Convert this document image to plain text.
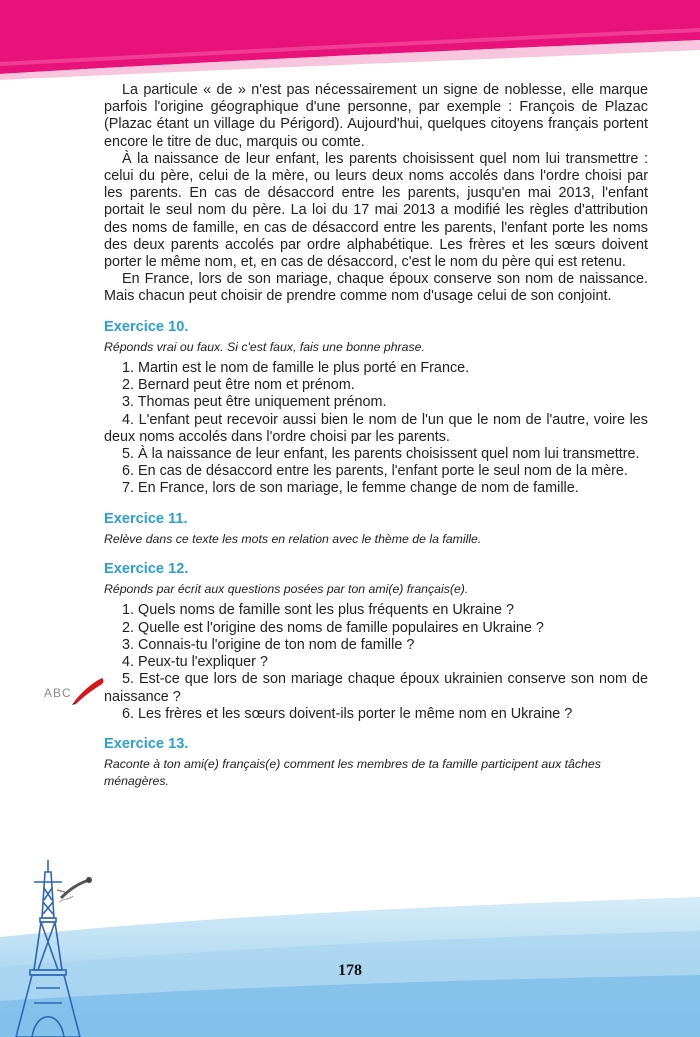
ABC

La particule « de » n'est pas nécessairement un signe de noblesse, elle marque parfois l'origine géographique d'une personne, par exemple : François de Plazac (Plazac étant un village du Périgord). Aujourd'hui, quelques citoyens français portent encore le titre de duc, marquis ou comte.

À la naissance de leur enfant, les parents choisissent quel nom lui transmettre : celui du père, celui de la mère, ou leurs deux noms accolés dans l'ordre choisi par les parents. En cas de désaccord entre les parents, jusqu'en mai 2013, l'enfant portait le seul nom du père. La loi du 17 mai 2013 a modifié les règles d'attribution des noms de famille, en cas de désaccord entre les parents, l'enfant porte les noms des deux parents accolés par ordre alphabétique. Les frères et les sœurs doivent porter le même nom, et, en cas de désaccord, c'est le nom du père qui est retenu.

En France, lors de son mariage, chaque époux conserve son nom de naissance. Mais chacun peut choisir de prendre comme nom d'usage celui de son conjoint.

Exercice 10.
Réponds vrai ou faux. Si c'est faux, fais une bonne phrase.

1. Martin est le nom de famille le plus porté en France.

2. Bernard peut être nom et prénom.

3. Thomas peut être uniquement prénom.

4. L'enfant peut recevoir aussi bien le nom de l'un que le nom de l'autre, voire les deux noms accolés dans l'ordre choisi par les parents.

5. À la naissance de leur enfant, les parents choisissent quel nom lui transmettre.

6. En cas de désaccord entre les parents, l'enfant porte le seul nom de la mère.

7. En France, lors de son mariage, le femme change de nom de famille.

Exercice 11.
Relève dans ce texte les mots en relation avec le thème de la famille.
Exercice 12.
Réponds par écrit aux questions posées par ton ami(e) français(e).

1. Quels noms de famille sont les plus fréquents en Ukraine ?

2. Quelle est l'origine des noms de famille populaires en Ukraine ?

3. Connais-tu l'origine de ton nom de famille ?

4. Peux-tu l'expliquer ?

5. Est-ce que lors de son mariage chaque époux ukrainien conserve son nom de naissance ?

6. Les frères et les sœurs doivent-ils porter le même nom en Ukraine ?

Exercice 13.
Raconte à ton ami(e) français(e) comment les membres de ta famille participent aux tâches ménagères.
178
